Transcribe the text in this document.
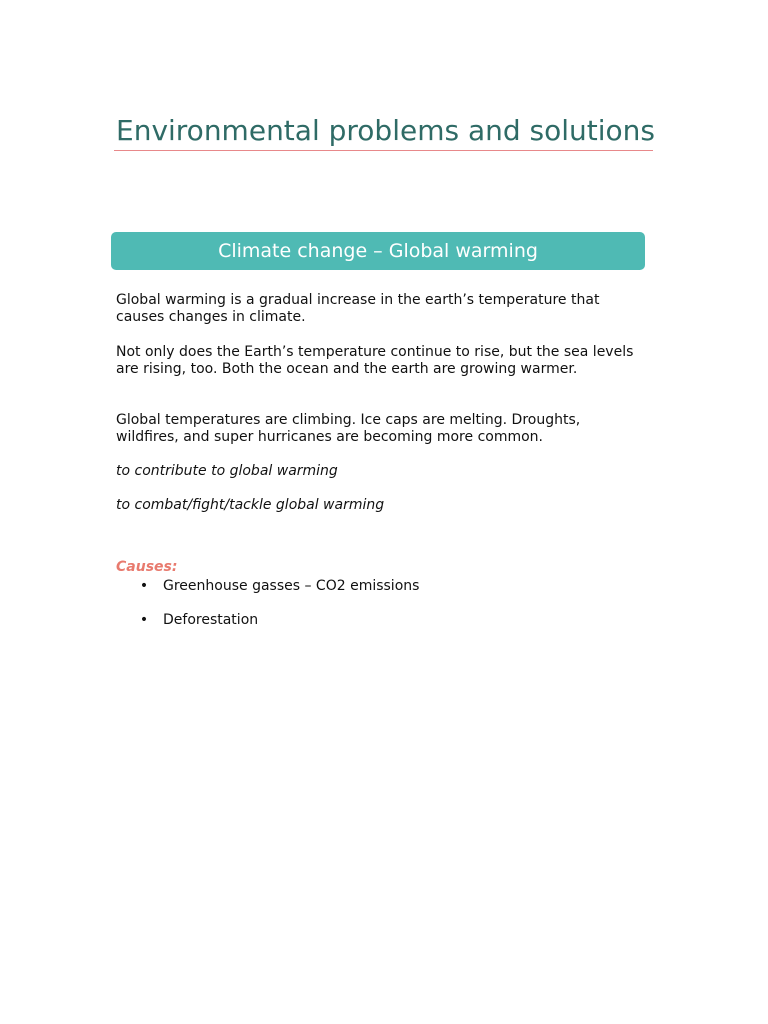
Environmental problems and solutions
Climate change – Global warming

Global warming is a gradual increase in the earth’s temperature that causes changes in climate.

Not only does the Earth’s temperature continue to rise, but the sea levels are rising, too. Both the ocean and the earth are growing warmer.

Global temperatures are climbing. Ice caps are melting. Droughts, wildfires, and super hurricanes are becoming more common.

to contribute to global warming

to combat/fight/tackle global warming

Causes:

• Greenhouse gasses – CO2 emissions
• Deforestation
